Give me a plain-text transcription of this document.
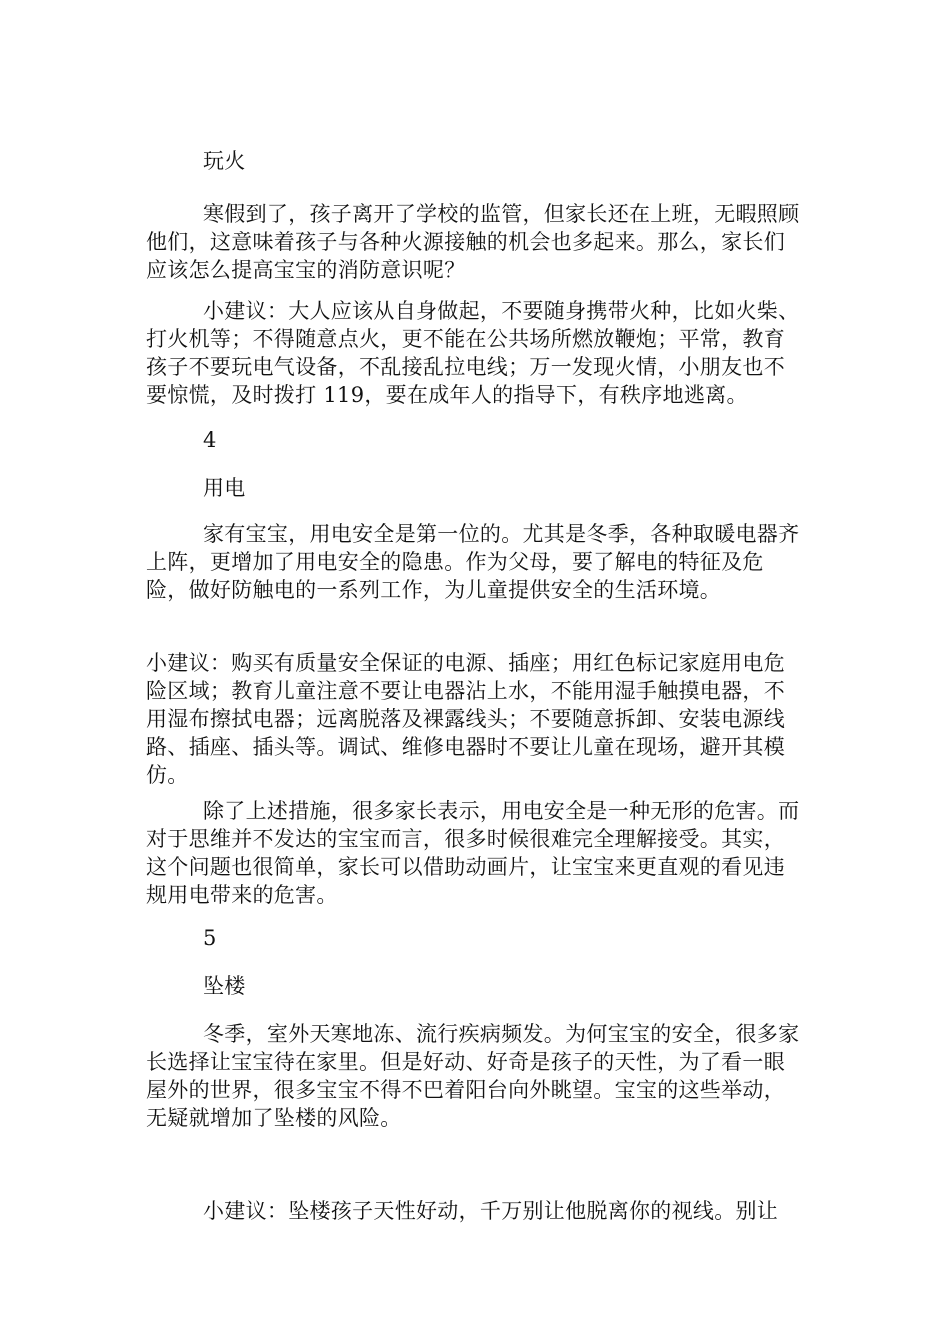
玩火

寒假到了，孩子离开了学校的监管，但家长还在上班，无暇照顾他们，这意味着孩子与各种火源接触的机会也多起来。那么，家长们应该怎么提高宝宝的消防意识呢？

小建议：大人应该从自身做起，不要随身携带火种，比如火柴、打火机等；不得随意点火，更不能在公共场所燃放鞭炮；平常，教育孩子不要玩电气设备，不乱接乱拉电线；万一发现火情，小朋友也不要惊慌，及时拨打 119，要在成年人的指导下，有秩序地逃离。

4

用电

家有宝宝，用电安全是第一位的。尤其是冬季，各种取暖电器齐上阵，更增加了用电安全的隐患。作为父母，要了解电的特征及危险，做好防触电的一系列工作，为儿童提供安全的生活环境。

小建议：购买有质量安全保证的电源、插座；用红色标记家庭用电危险区域；教育儿童注意不要让电器沾上水，不能用湿手触摸电器，不用湿布擦拭电器；远离脱落及裸露线头；不要随意拆卸、安装电源线路、插座、插头等。调试、维修电器时不要让儿童在现场，避开其模仿。

除了上述措施，很多家长表示，用电安全是一种无形的危害。而对于思维并不发达的宝宝而言，很多时候很难完全理解接受。其实，这个问题也很简单，家长可以借助动画片，让宝宝来更直观的看见违规用电带来的危害。

5

坠楼

冬季，室外天寒地冻、流行疾病频发。为何宝宝的安全，很多家长选择让宝宝待在家里。但是好动、好奇是孩子的天性，为了看一眼屋外的世界，很多宝宝不得不巴着阳台向外眺望。宝宝的这些举动，无疑就增加了坠楼的风险。

小建议：坠楼孩子天性好动，千万别让他脱离你的视线。别让
